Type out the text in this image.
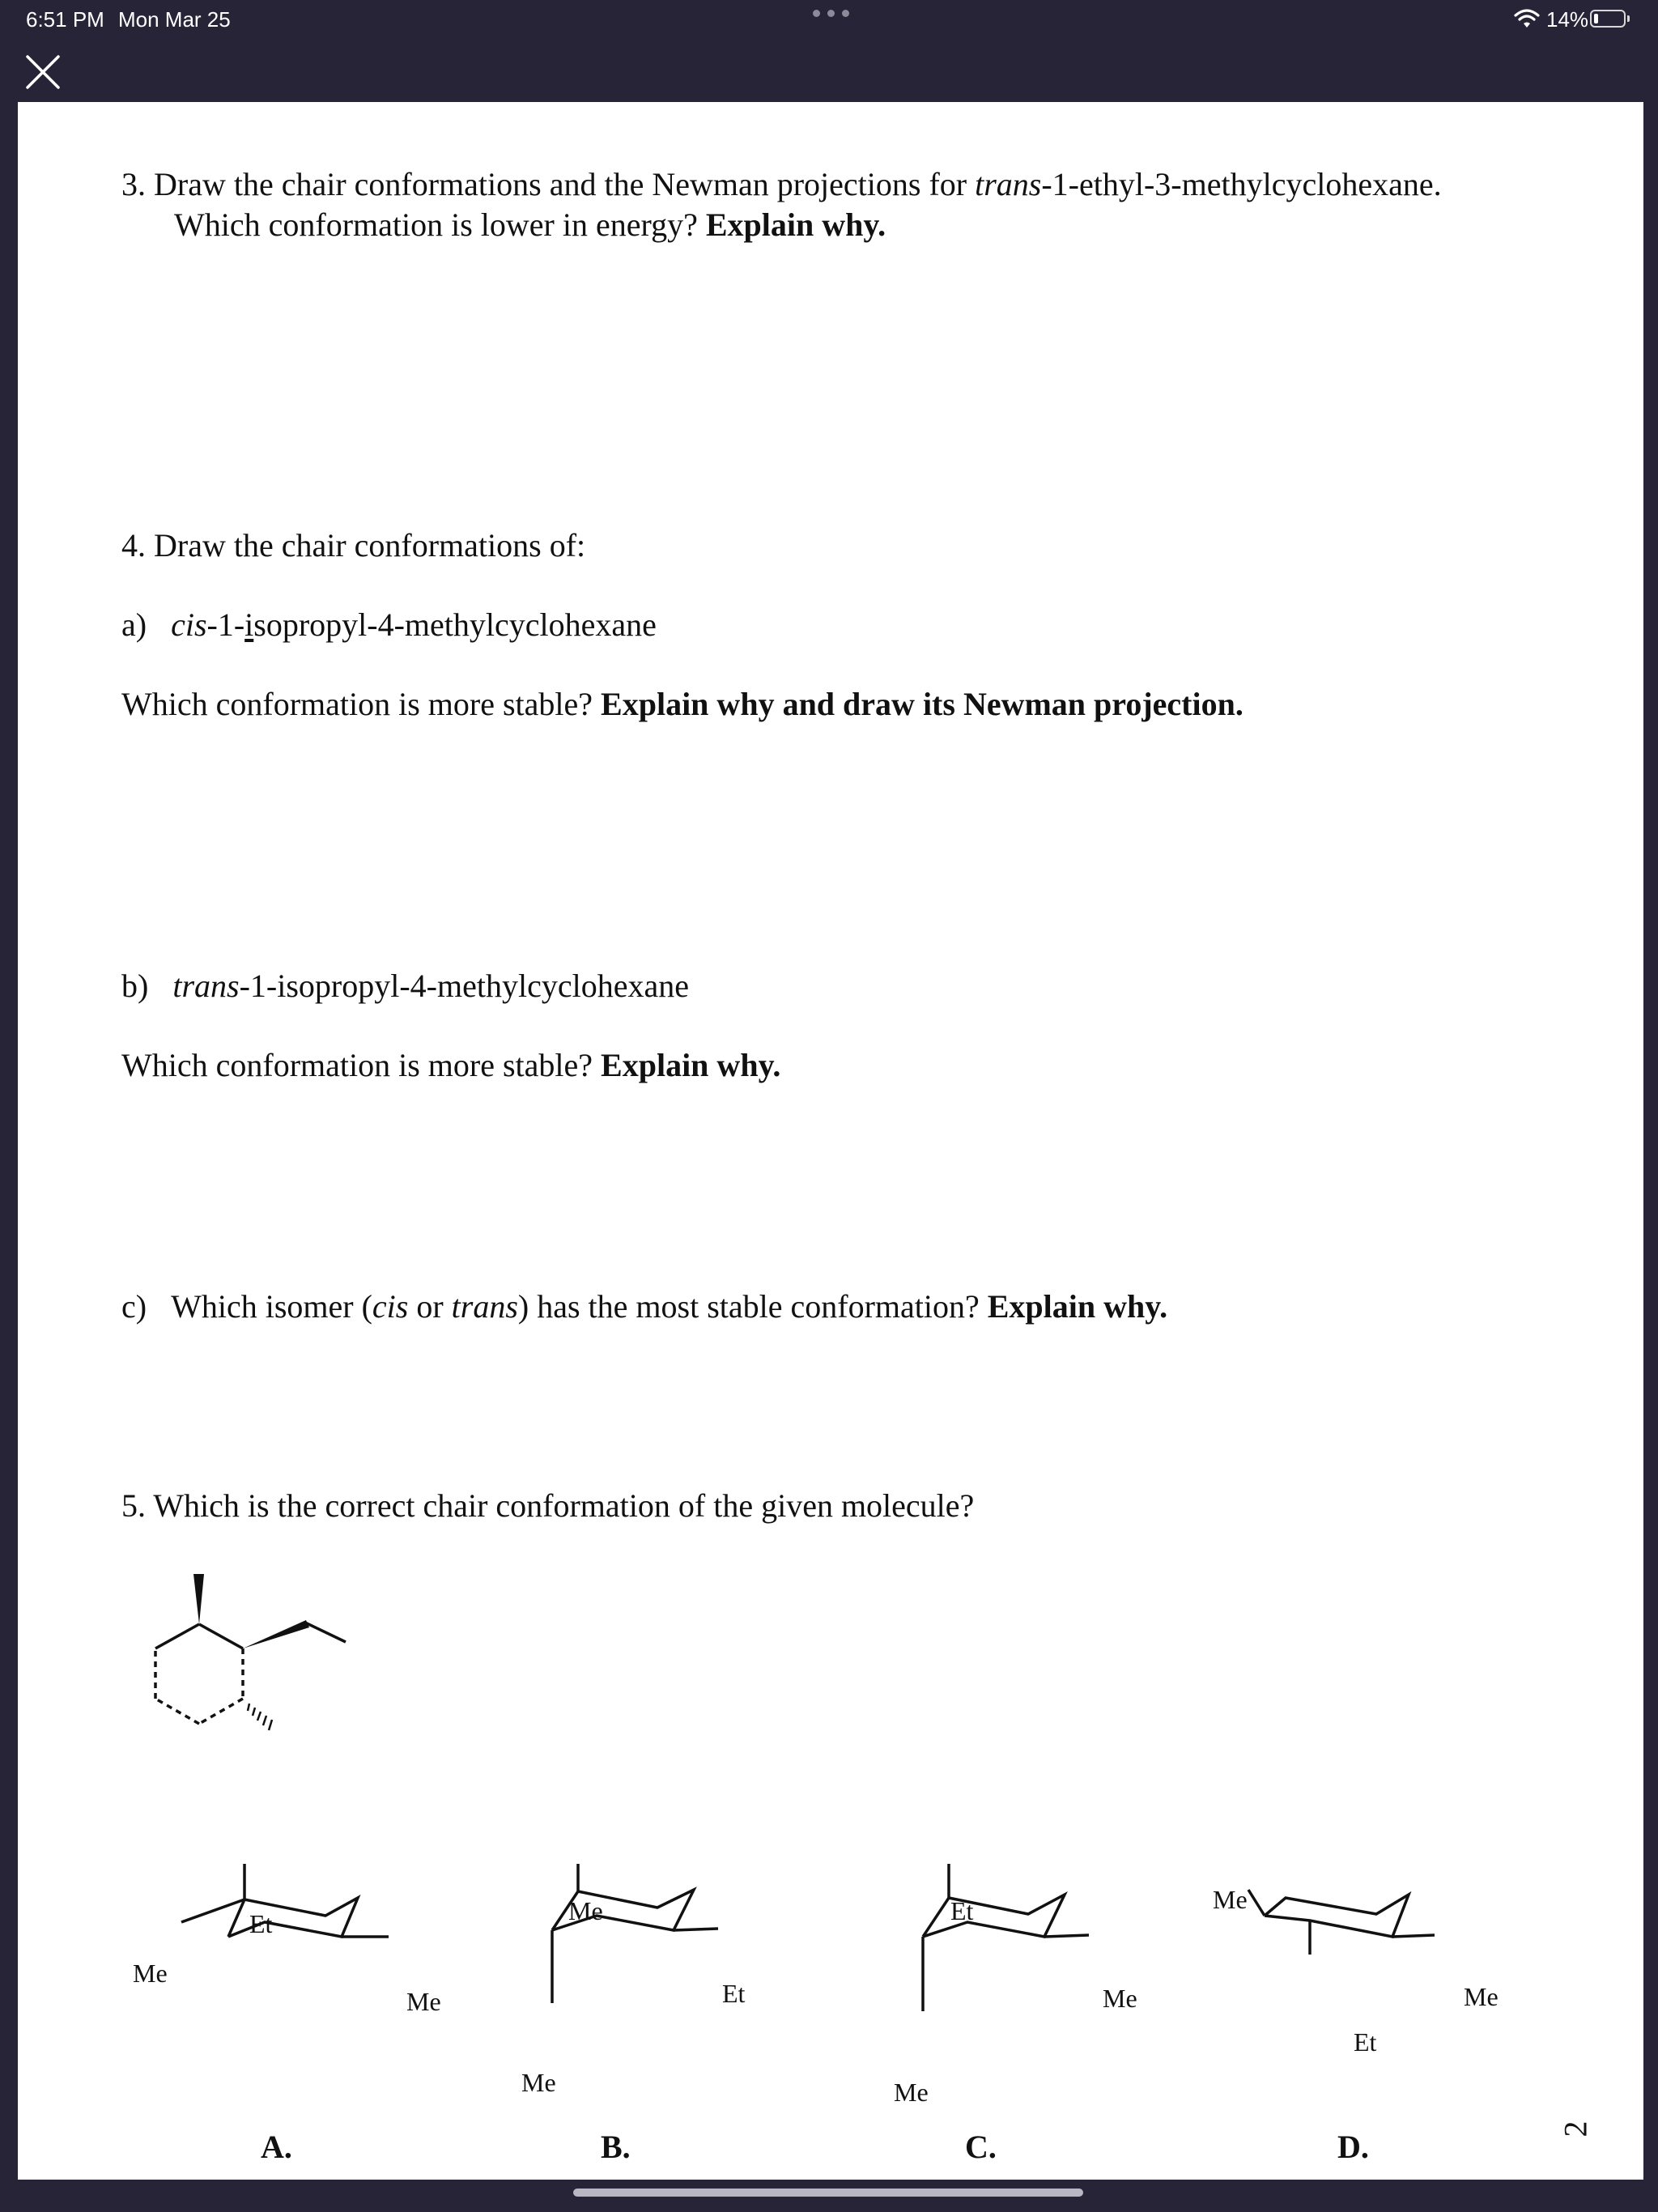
6:51 PM Mon Mar 25	14%
3. Draw the chair conformations and the Newman projections for trans-1-ethyl-3-methylcyclohexane.
Which conformation is lower in energy? Explain why.
4. Draw the chair conformations of:
a) cis-1-isopropyl-4-methylcyclohexane
Which conformation is more stable? Explain why and draw its Newman projection.
b) trans-1-isopropyl-4-methylcyclohexane
Which conformation is more stable? Explain why.
c) Which isomer (cis or trans) has the most stable conformation? Explain why.
5. Which is the correct chair conformation of the given molecule?
Et
Me
Me
A.
Me
Et
Me
B.
Et
Me
Me
C.
Me
Me
Et
D.	2
